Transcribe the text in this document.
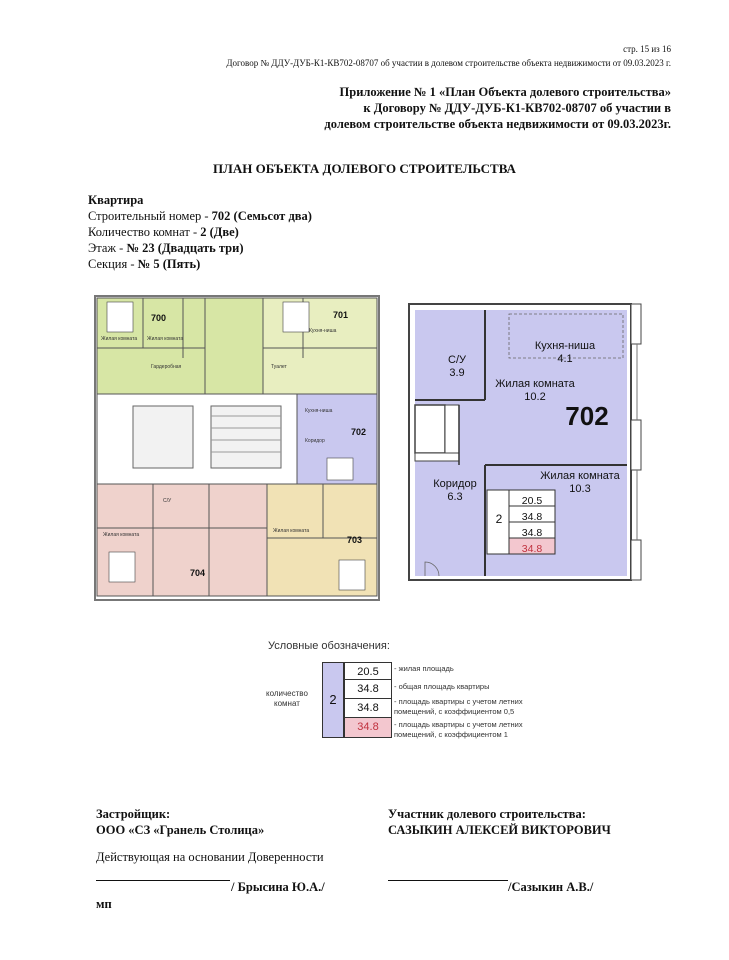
стр. 15 из 16
Договор № ДДУ-ДУБ-К1-КВ702-08707 об участии в долевом строительстве объекта недвижимости от 09.03.2023 г.
Приложение № 1 «План Объекта долевого строительства»
к Договору № ДДУ-ДУБ-К1-КВ702-08707 об участии в
долевом строительстве объекта недвижимости от 09.03.2023г.
ПЛАН ОБЪЕКТА ДОЛЕВОГО СТРОИТЕЛЬСТВА
Квартира
Строительный номер - 702 (Семьсот два)
Количество комнат - 2 (Две)
Этаж - № 23 (Двадцать три)
Секция - № 5 (Пять)
700	701
702
703
704
Жилая комната Жилая комната
Гардеробная	Туалет
Кухня-ниша
Кухня-ниша
Коридор
Жилая комната
Жилая комната
С/У
С/У
3.9
Кухня-ниша
4.1
Жилая комната
10.2
702
Коридор
6.3
Жилая комната
10.3
2
20.5
34.8
34.8
34.8
Условные обозначения:
количество
комнат	2
20.5
34.8
34.8
34.8
- жилая площадь
- общая площадь квартиры
- площадь квартиры с учетом летних
помещений, с коэффициентом 0,5
- площадь квартиры с учетом летних
помещений, с коэффициентом 1
Застройщик:
ООО «СЗ «Гранель Столица»
Действующая на основании Доверенности
/ Брысина Ю.А./
мп
Участник долевого строительства:
САЗЫКИН АЛЕКСЕЙ ВИКТОРОВИЧ
/Сазыкин А.В./
